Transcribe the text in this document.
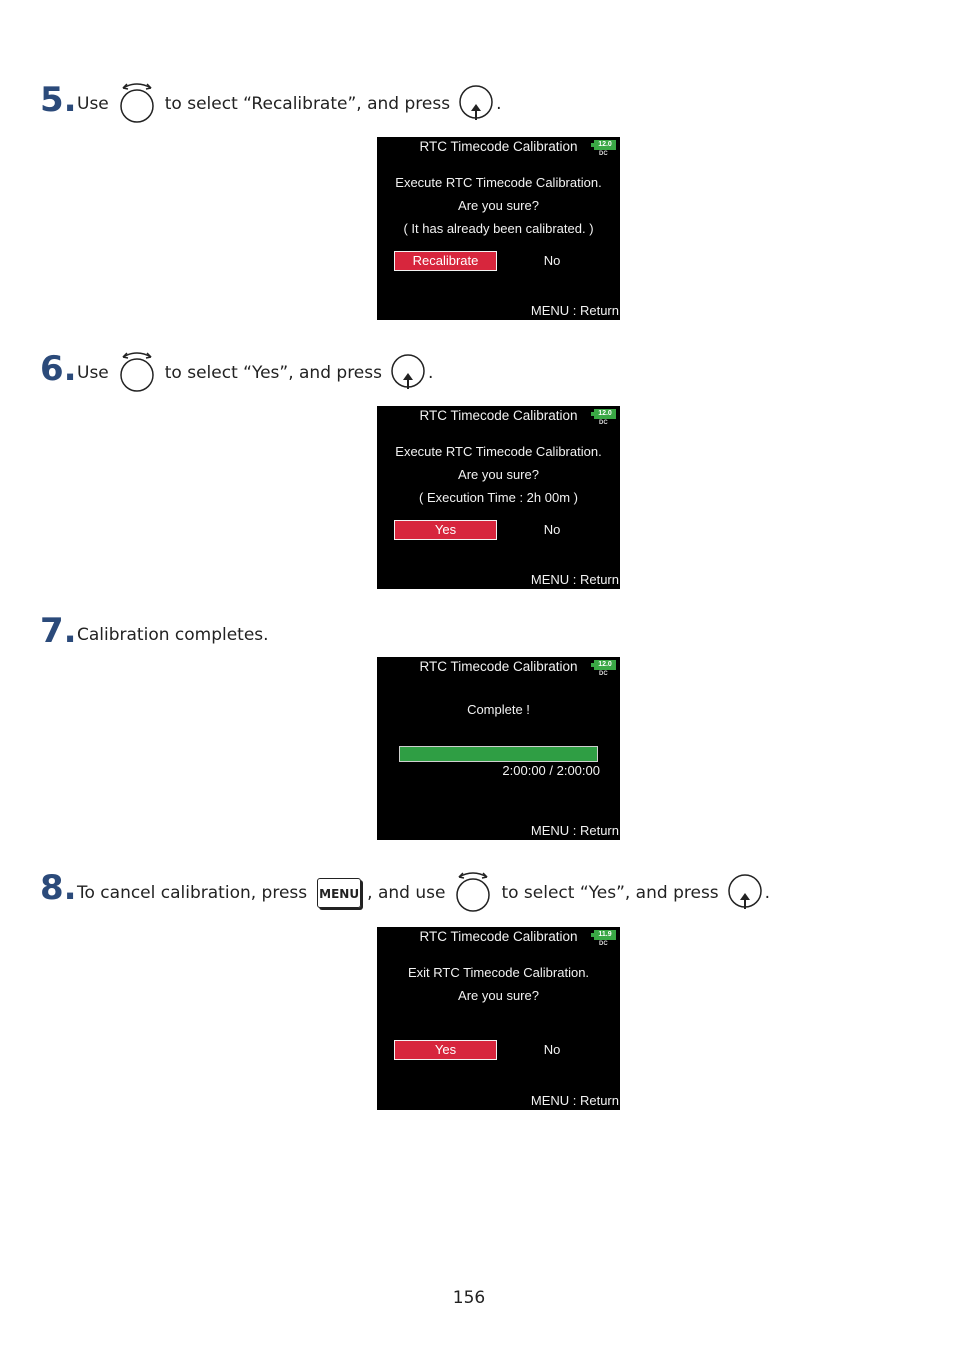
5. Use	to select “Recalibrate”, and press	.
RTC Timecode Calibration	12.0
DC
Execute RTC Timecode Calibration.
Are you sure?
( It has already been calibrated. )
Recalibrate	No
MENU : Return
6. Use	to select “Yes”, and press	.
RTC Timecode Calibration	12.0
DC
Execute RTC Timecode Calibration.
Are you sure?
( Execution Time : 2h 00m )
Yes	No
MENU : Return
7. Calibration completes.
RTC Timecode Calibration	12.0
DC
Complete !
2:00:00 / 2:00:00
MENU : Return
8. To cancel calibration, press MENU , and use	to select “Yes”, and press	.
RTC Timecode Calibration	11.9
DC
Exit RTC Timecode Calibration.
Are you sure?
Yes	No
MENU : Return
156
